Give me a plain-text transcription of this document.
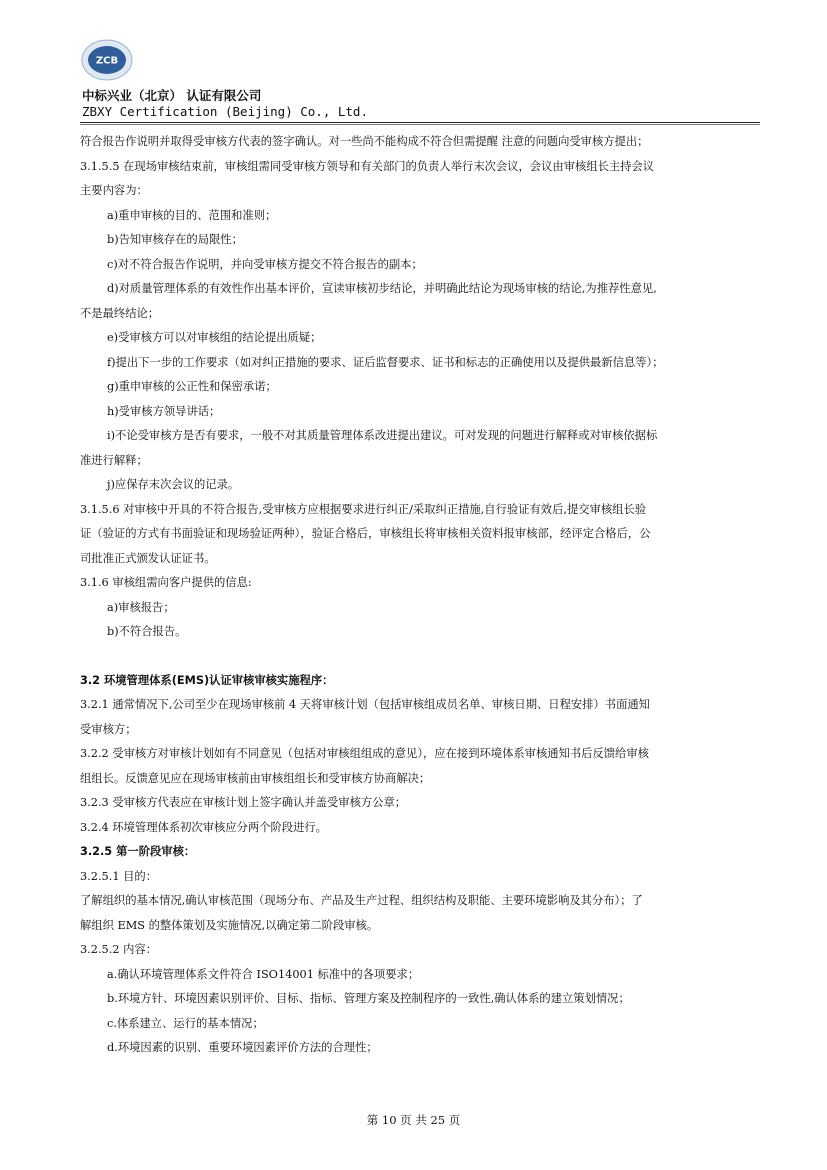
ZCB
中标兴业（北京） 认证有限公司
ZBXY Certification (Beijing) Co., Ltd.

符合报告作说明并取得受审核方代表的签字确认。对一些尚不能构成不符合但需提醒 注意的问题向受审核方提出；

3.1.5.5 在现场审核结束前，审核组需同受审核方领导和有关部门的负责人举行末次会议，会议由审核组长主持会议

主要内容为：

a)重申审核的目的、范围和准则；

b)告知审核存在的局限性；

c)对不符合报告作说明，并向受审核方提交不符合报告的副本；

d)对质量管理体系的有效性作出基本评价，宣读审核初步结论，并明确此结论为现场审核的结论,为推荐性意见,

不是最终结论；

e)受审核方可以对审核组的结论提出质疑；

f)提出下一步的工作要求（如对纠正措施的要求、证后监督要求、证书和标志的正确使用以及提供最新信息等）；

g)重申审核的公正性和保密承诺；

h)受审核方领导讲话；

i)不论受审核方是否有要求，一般不对其质量管理体系改进提出建议。可对发现的问题进行解释或对审核依据标

准进行解释；

j)应保存末次会议的记录。

3.1.5.6 对审核中开具的不符合报告,受审核方应根据要求进行纠正/采取纠正措施,自行验证有效后,提交审核组长验

证（验证的方式有书面验证和现场验证两种），验证合格后，审核组长将审核相关资料报审核部，经评定合格后，公

司批准正式颁发认证证书。

3.1.6 审核组需向客户提供的信息:

a)审核报告；

b)不符合报告。

3.2 环境管理体系(EMS)认证审核审核实施程序：

3.2.1 通常情况下,公司至少在现场审核前 4 天将审核计划（包括审核组成员名单、审核日期、日程安排）书面通知

受审核方；

3.2.2 受审核方对审核计划如有不同意见（包括对审核组组成的意见），应在接到环境体系审核通知书后反馈给审核

组组长。反馈意见应在现场审核前由审核组组长和受审核方协商解决；

3.2.3 受审核方代表应在审核计划上签字确认并盖受审核方公章；

3.2.4 环境管理体系初次审核应分两个阶段进行。

3.2.5 第一阶段审核：

3.2.5.1 目的：

了解组织的基本情况,确认审核范围（现场分布、产品及生产过程、组织结构及职能、主要环境影响及其分布）；了

解组织 EMS 的整体策划及实施情况,以确定第二阶段审核。

3.2.5.2 内容：

a.确认环境管理体系文件符合 ISO14001 标准中的各项要求；

b.环境方针、环境因素识别评价、目标、指标、管理方案及控制程序的一致性,确认体系的建立策划情况；

c.体系建立、运行的基本情况；

d.环境因素的识别、重要环境因素评价方法的合理性；

第 10 页 共 25 页
